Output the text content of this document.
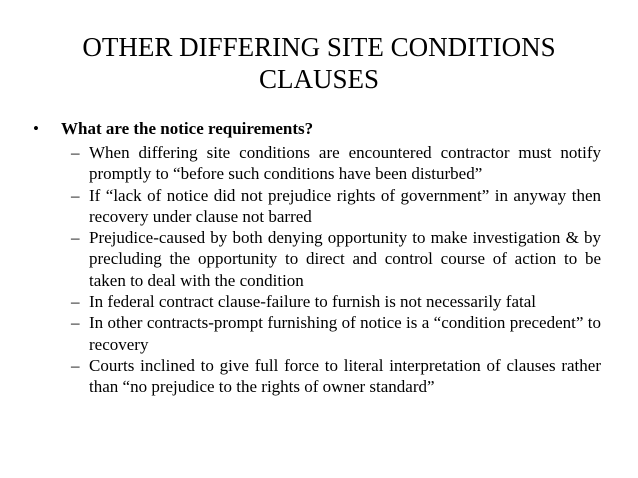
OTHER DIFFERING SITE CONDITIONS
CLAUSES
• What are the notice requirements?
– When differing site conditions are encountered contractor must notify promptly to “before such conditions have been disturbed”
– If “lack of notice did not prejudice rights of government” in anyway then recovery under clause not barred
– Prejudice-caused by both denying opportunity to make investigation & by precluding the opportunity to direct and control course of action to be taken to deal with the condition
– In federal contract clause-failure to furnish is not necessarily fatal
– In other contracts-prompt furnishing of notice is a “condition precedent” to recovery
– Courts inclined to give full force to literal interpretation of clauses rather than “no prejudice to the rights of owner standard”
